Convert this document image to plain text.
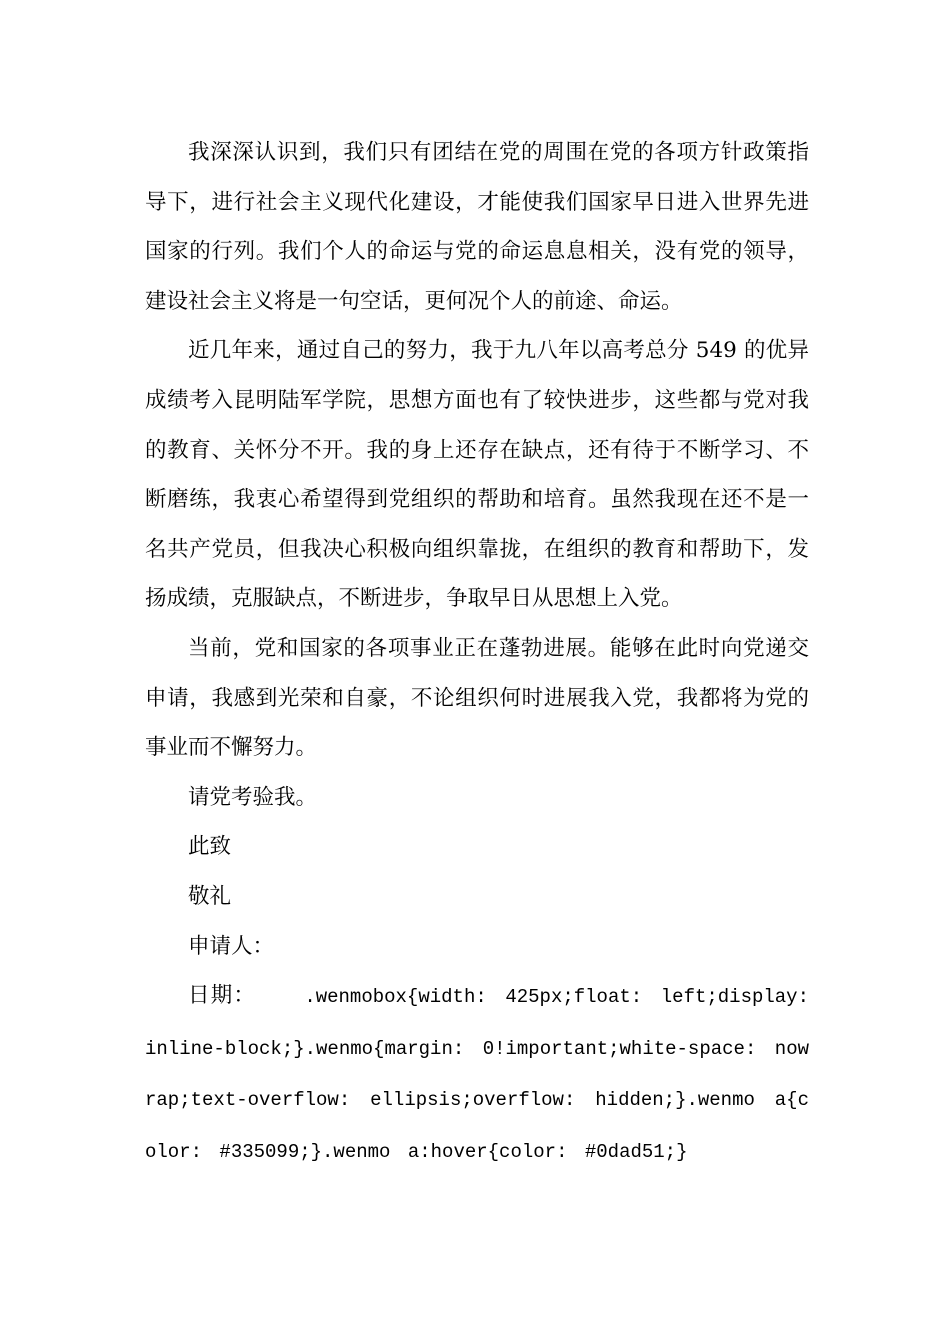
我深深认识到，我们只有团结在党的周围在党的各项方针政策指导下，进行社会主义现代化建设，才能使我们国家早日进入世界先进国家的行列。我们个人的命运与党的命运息息相关，没有党的领导，建设社会主义将是一句空话，更何况个人的前途、命运。

近几年来，通过自己的努力，我于九八年以高考总分 549 的优异成绩考入昆明陆军学院，思想方面也有了较快进步，这些都与党对我的教育、关怀分不开。我的身上还存在缺点，还有待于不断学习、不断磨练，我衷心希望得到党组织的帮助和培育。虽然我现在还不是一名共产党员，但我决心积极向组织靠拢，在组织的教育和帮助下，发扬成绩，克服缺点，不断进步，争取早日从思想上入党。

当前，党和国家的各项事业正在蓬勃进展。能够在此时向党递交申请，我感到光荣和自豪，不论组织何时进展我入党，我都将为党的事业而不懈努力。

请党考验我。

此致

敬礼

申请人：

日期：	.wenmobox{width: 425px;float: left;display: inline-block;}.wenmo{margin: 0!important;white-space: nowrap;text-overflow: ellipsis;overflow: hidden;}.wenmo a{color: #335099;}.wenmo a:hover{color: #0dad51;}
